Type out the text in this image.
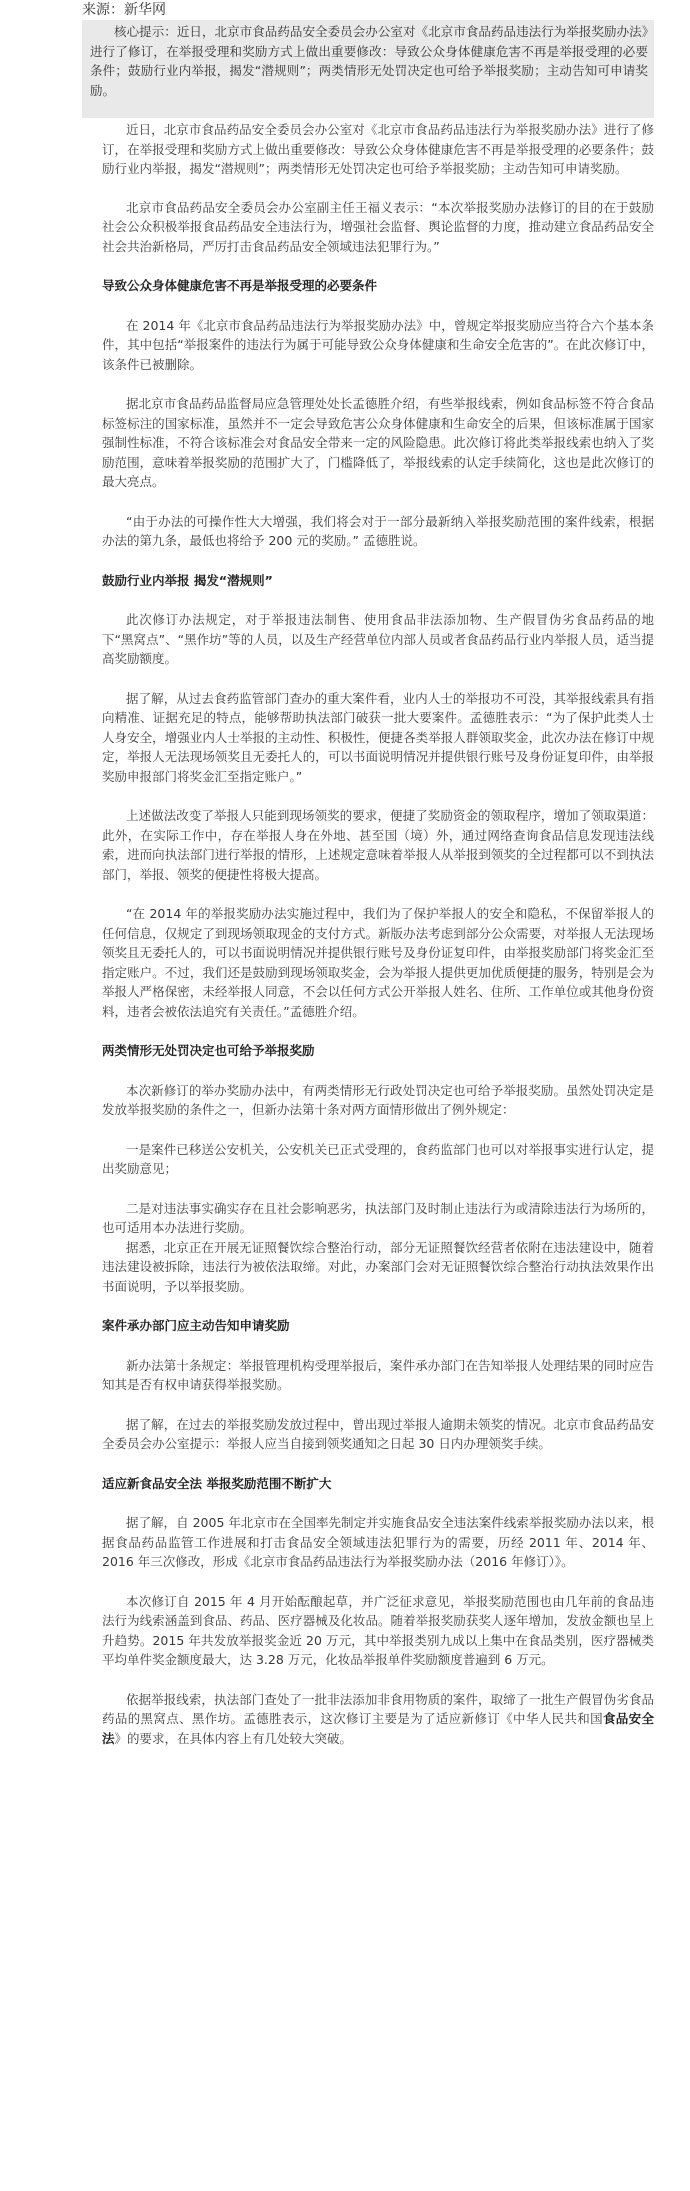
来源：新华网

核心提示：近日，北京市食品药品安全委员会办公室对《北京市食品药品违法行为举报奖励办法》进行了修订，在举报受理和奖励方式上做出重要修改：导致公众身体健康危害不再是举报受理的必要条件；鼓励行业内举报，揭发“潜规则”；两类情形无处罚决定也可给予举报奖励；主动告知可申请奖励。

近日，北京市食品药品安全委员会办公室对《北京市食品药品违法行为举报奖励办法》进行了修订，在举报受理和奖励方式上做出重要修改：导致公众身体健康危害不再是举报受理的必要条件；鼓励行业内举报，揭发“潜规则”；两类情形无处罚决定也可给予举报奖励；主动告知可申请奖励。

北京市食品药品安全委员会办公室副主任王福义表示：“本次举报奖励办法修订的目的在于鼓励社会公众积极举报食品药品安全违法行为，增强社会监督、舆论监督的力度，推动建立食品药品安全社会共治新格局，严厉打击食品药品安全领域违法犯罪行为。”

导致公众身体健康危害不再是举报受理的必要条件

在 2014 年《北京市食品药品违法行为举报奖励办法》中，曾规定举报奖励应当符合六个基本条件，其中包括“举报案件的违法行为属于可能导致公众身体健康和生命安全危害的”。在此次修订中，该条件已被删除。

据北京市食品药品监督局应急管理处处长孟德胜介绍，有些举报线索，例如食品标签不符合食品标签标注的国家标准，虽然并不一定会导致危害公众身体健康和生命安全的后果，但该标准属于国家强制性标准，不符合该标准会对食品安全带来一定的风险隐患。此次修订将此类举报线索也纳入了奖励范围，意味着举报奖励的范围扩大了，门槛降低了，举报线索的认定手续简化，这也是此次修订的最大亮点。

“由于办法的可操作性大大增强，我们将会对于一部分最新纳入举报奖励范围的案件线索，根据办法的第九条，最低也将给予 200 元的奖励。” 孟德胜说。

鼓励行业内举报 揭发“潜规则”

此次修订办法规定，对于举报违法制售、使用食品非法添加物、生产假冒伪劣食品药品的地下“黑窝点”、“黑作坊”等的人员，以及生产经营单位内部人员或者食品药品行业内举报人员，适当提高奖励额度。

据了解，从过去食药监管部门查办的重大案件看，业内人士的举报功不可没，其举报线索具有指向精准、证据充足的特点，能够帮助执法部门破获一批大要案件。孟德胜表示：“为了保护此类人士人身安全，增强业内人士举报的主动性、积极性，便捷各类举报人群领取奖金，此次办法在修订中规定，举报人无法现场领奖且无委托人的，可以书面说明情况并提供银行账号及身份证复印件，由举报奖励申报部门将奖金汇至指定账户。”

上述做法改变了举报人只能到现场领奖的要求，便捷了奖励资金的领取程序，增加了领取渠道：此外，在实际工作中，存在举报人身在外地、甚至国（境）外，通过网络查询食品信息发现违法线索，进而向执法部门进行举报的情形，上述规定意味着举报人从举报到领奖的全过程都可以不到执法部门，举报、领奖的便捷性将极大提高。

“在 2014 年的举报奖励办法实施过程中，我们为了保护举报人的安全和隐私，不保留举报人的任何信息，仅规定了到现场领取现金的支付方式。新版办法考虑到部分公众需要，对举报人无法现场领奖且无委托人的，可以书面说明情况并提供银行账号及身份证复印件，由举报奖励部门将奖金汇至指定账户。不过，我们还是鼓励到现场领取奖金，会为举报人提供更加优质便捷的服务，特别是会为举报人严格保密，未经举报人同意，不会以任何方式公开举报人姓名、住所、工作单位或其他身份资料，违者会被依法追究有关责任。”孟德胜介绍。

两类情形无处罚决定也可给予举报奖励

本次新修订的举办奖励办法中，有两类情形无行政处罚决定也可给予举报奖励。虽然处罚决定是发放举报奖励的条件之一，但新办法第十条对两方面情形做出了例外规定：

一是案件已移送公安机关，公安机关已正式受理的，食药监部门也可以对举报事实进行认定，提出奖励意见；

二是对违法事实确实存在且社会影响恶劣，执法部门及时制止违法行为或清除违法行为场所的，也可适用本办法进行奖励。

据悉，北京正在开展无证照餐饮综合整治行动，部分无证照餐饮经营者依附在违法建设中，随着违法建设被拆除，违法行为被依法取缔。对此，办案部门会对无证照餐饮综合整治行动执法效果作出书面说明，予以举报奖励。

案件承办部门应主动告知申请奖励

新办法第十条规定：举报管理机构受理举报后，案件承办部门在告知举报人处理结果的同时应告知其是否有权申请获得举报奖励。

据了解，在过去的举报奖励发放过程中，曾出现过举报人逾期未领奖的情况。北京市食品药品安全委员会办公室提示：举报人应当自接到领奖通知之日起 30 日内办理领奖手续。

适应新食品安全法 举报奖励范围不断扩大

据了解，自 2005 年北京市在全国率先制定并实施食品安全违法案件线索举报奖励办法以来，根据食品药品监管工作进展和打击食品安全领域违法犯罪行为的需要，历经 2011 年、2014 年、2016 年三次修改，形成《北京市食品药品违法行为举报奖励办法（2016 年修订）》。

本次修订自 2015 年 4 月开始酝酿起草，并广泛征求意见，举报奖励范围也由几年前的食品违法行为线索涵盖到食品、药品、医疗器械及化妆品。随着举报奖励获奖人逐年增加，发放金额也呈上升趋势。2015 年共发放举报奖金近 20 万元，其中举报类别九成以上集中在食品类别，医疗器械类平均单件奖金额度最大，达 3.28 万元，化妆品举报单件奖励额度普遍到 6 万元。

依据举报线索，执法部门查处了一批非法添加非食用物质的案件，取缔了一批生产假冒伪劣食品药品的黑窝点、黑作坊。孟德胜表示，这次修订主要是为了适应新修订《中华人民共和国食品安全法》的要求，在具体内容上有几处较大突破。
